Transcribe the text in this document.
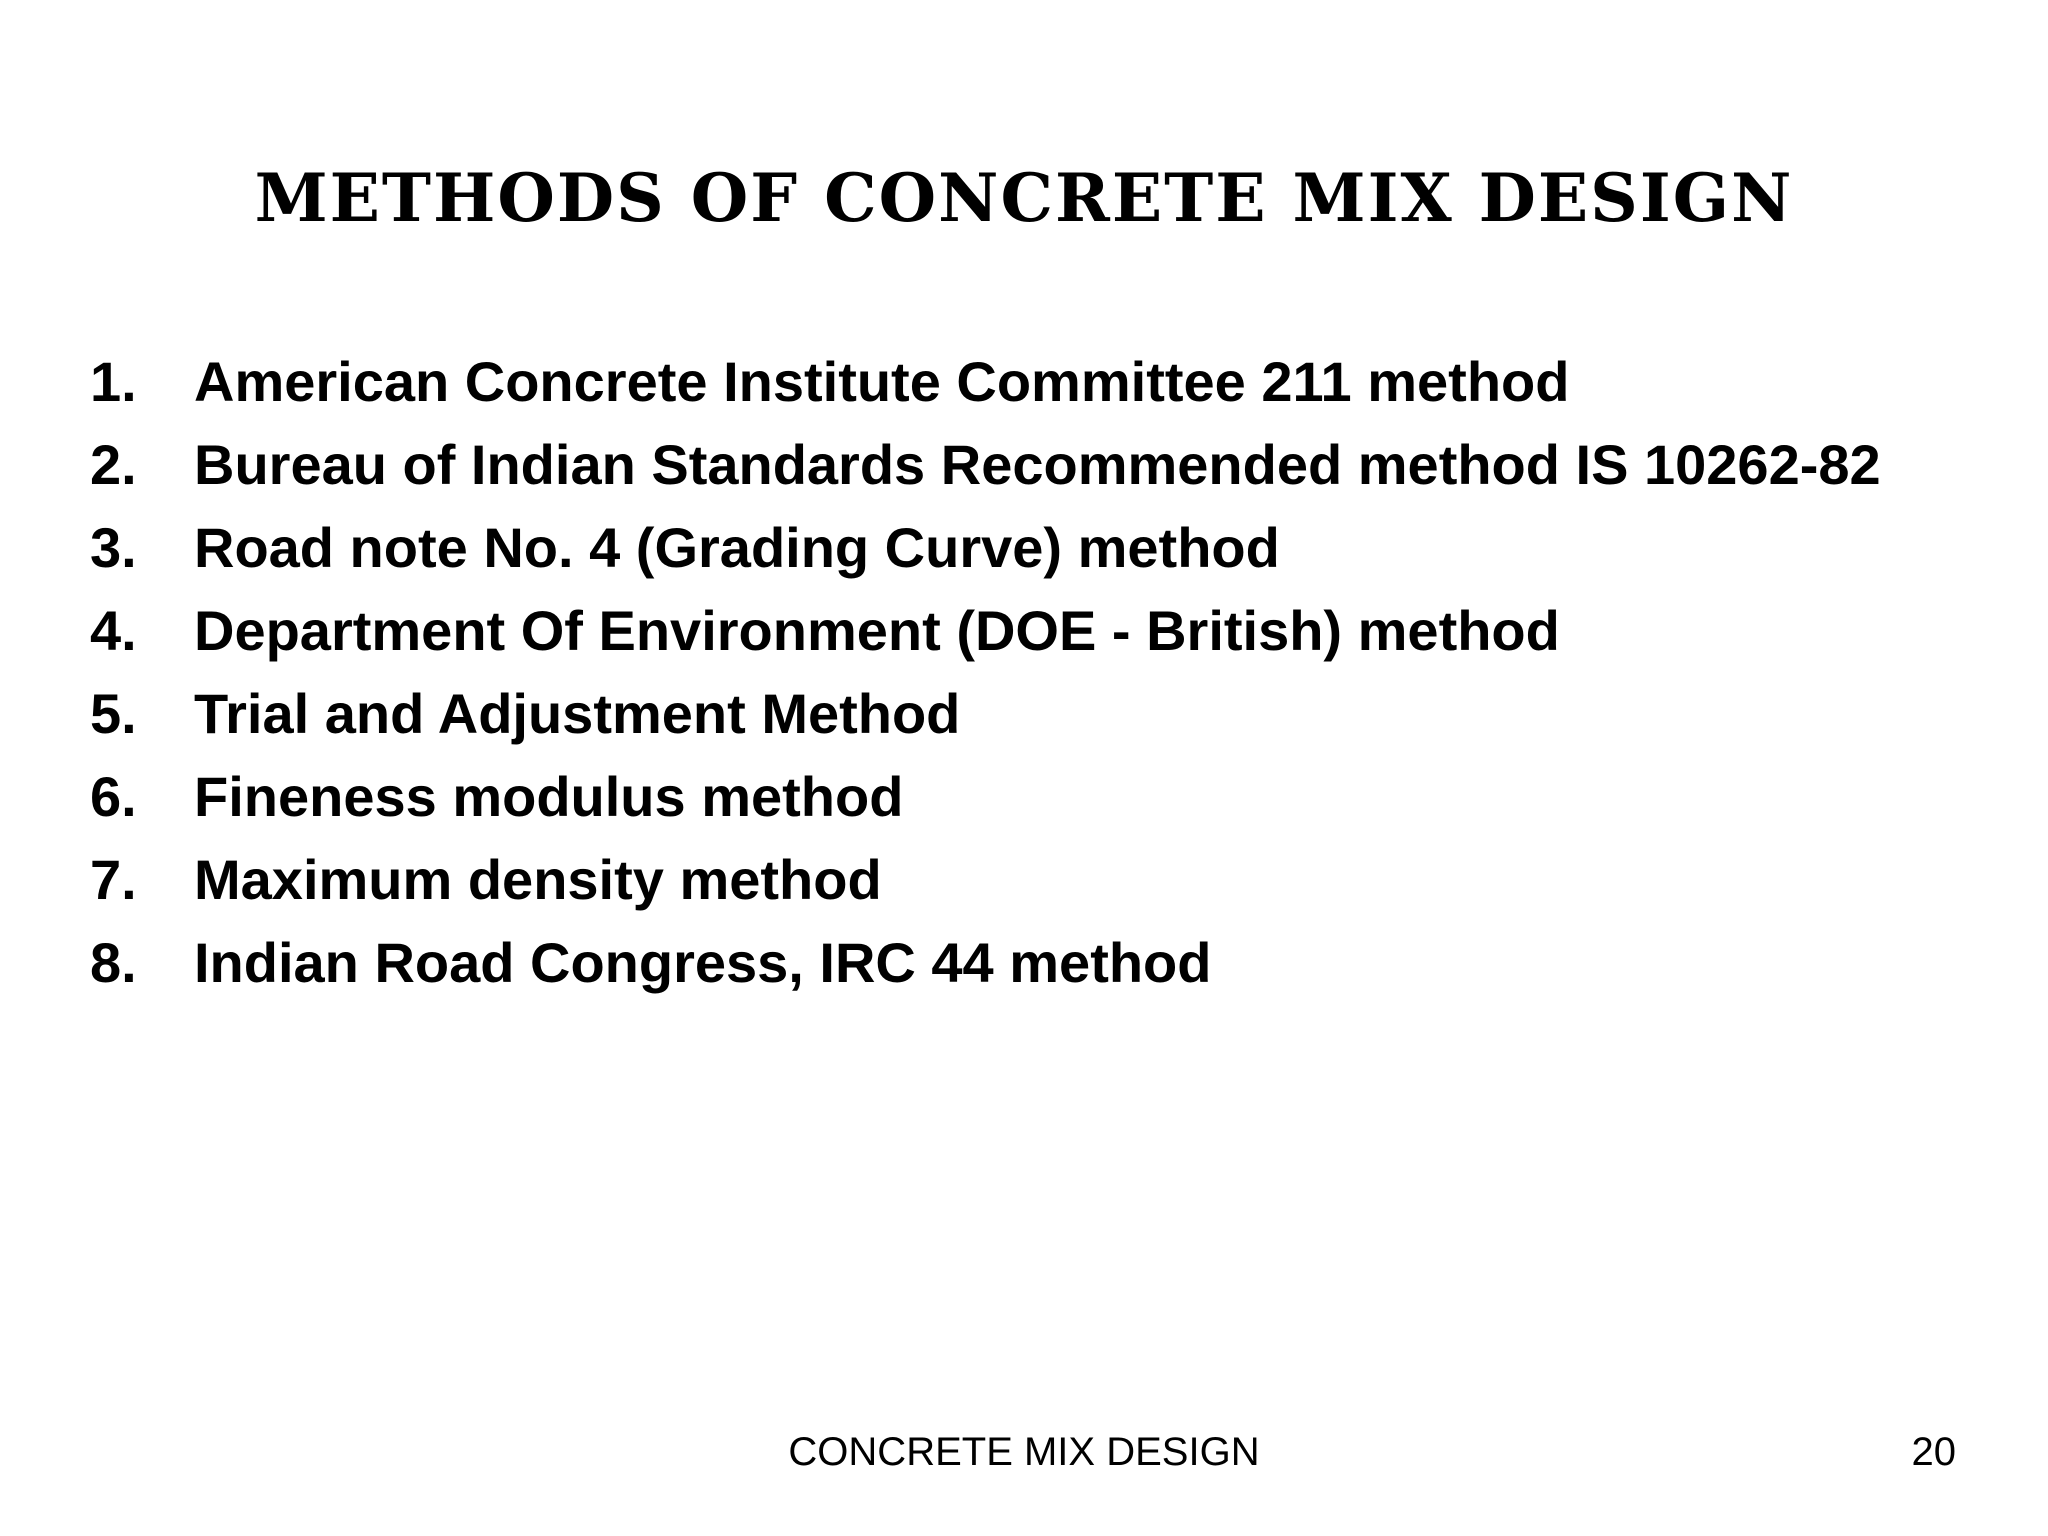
METHODS OF CONCRETE MIX DESIGN
1.	American Concrete Institute Committee 211 method
2.	Bureau of Indian Standards Recommended method IS 10262-82
3.	Road note No. 4 (Grading Curve) method
4.	Department Of Environment (DOE - British) method
5.	Trial and Adjustment Method
6.	Fineness modulus method
7.	Maximum density method
8.	Indian Road Congress, IRC 44 method
CONCRETE MIX DESIGN	20
